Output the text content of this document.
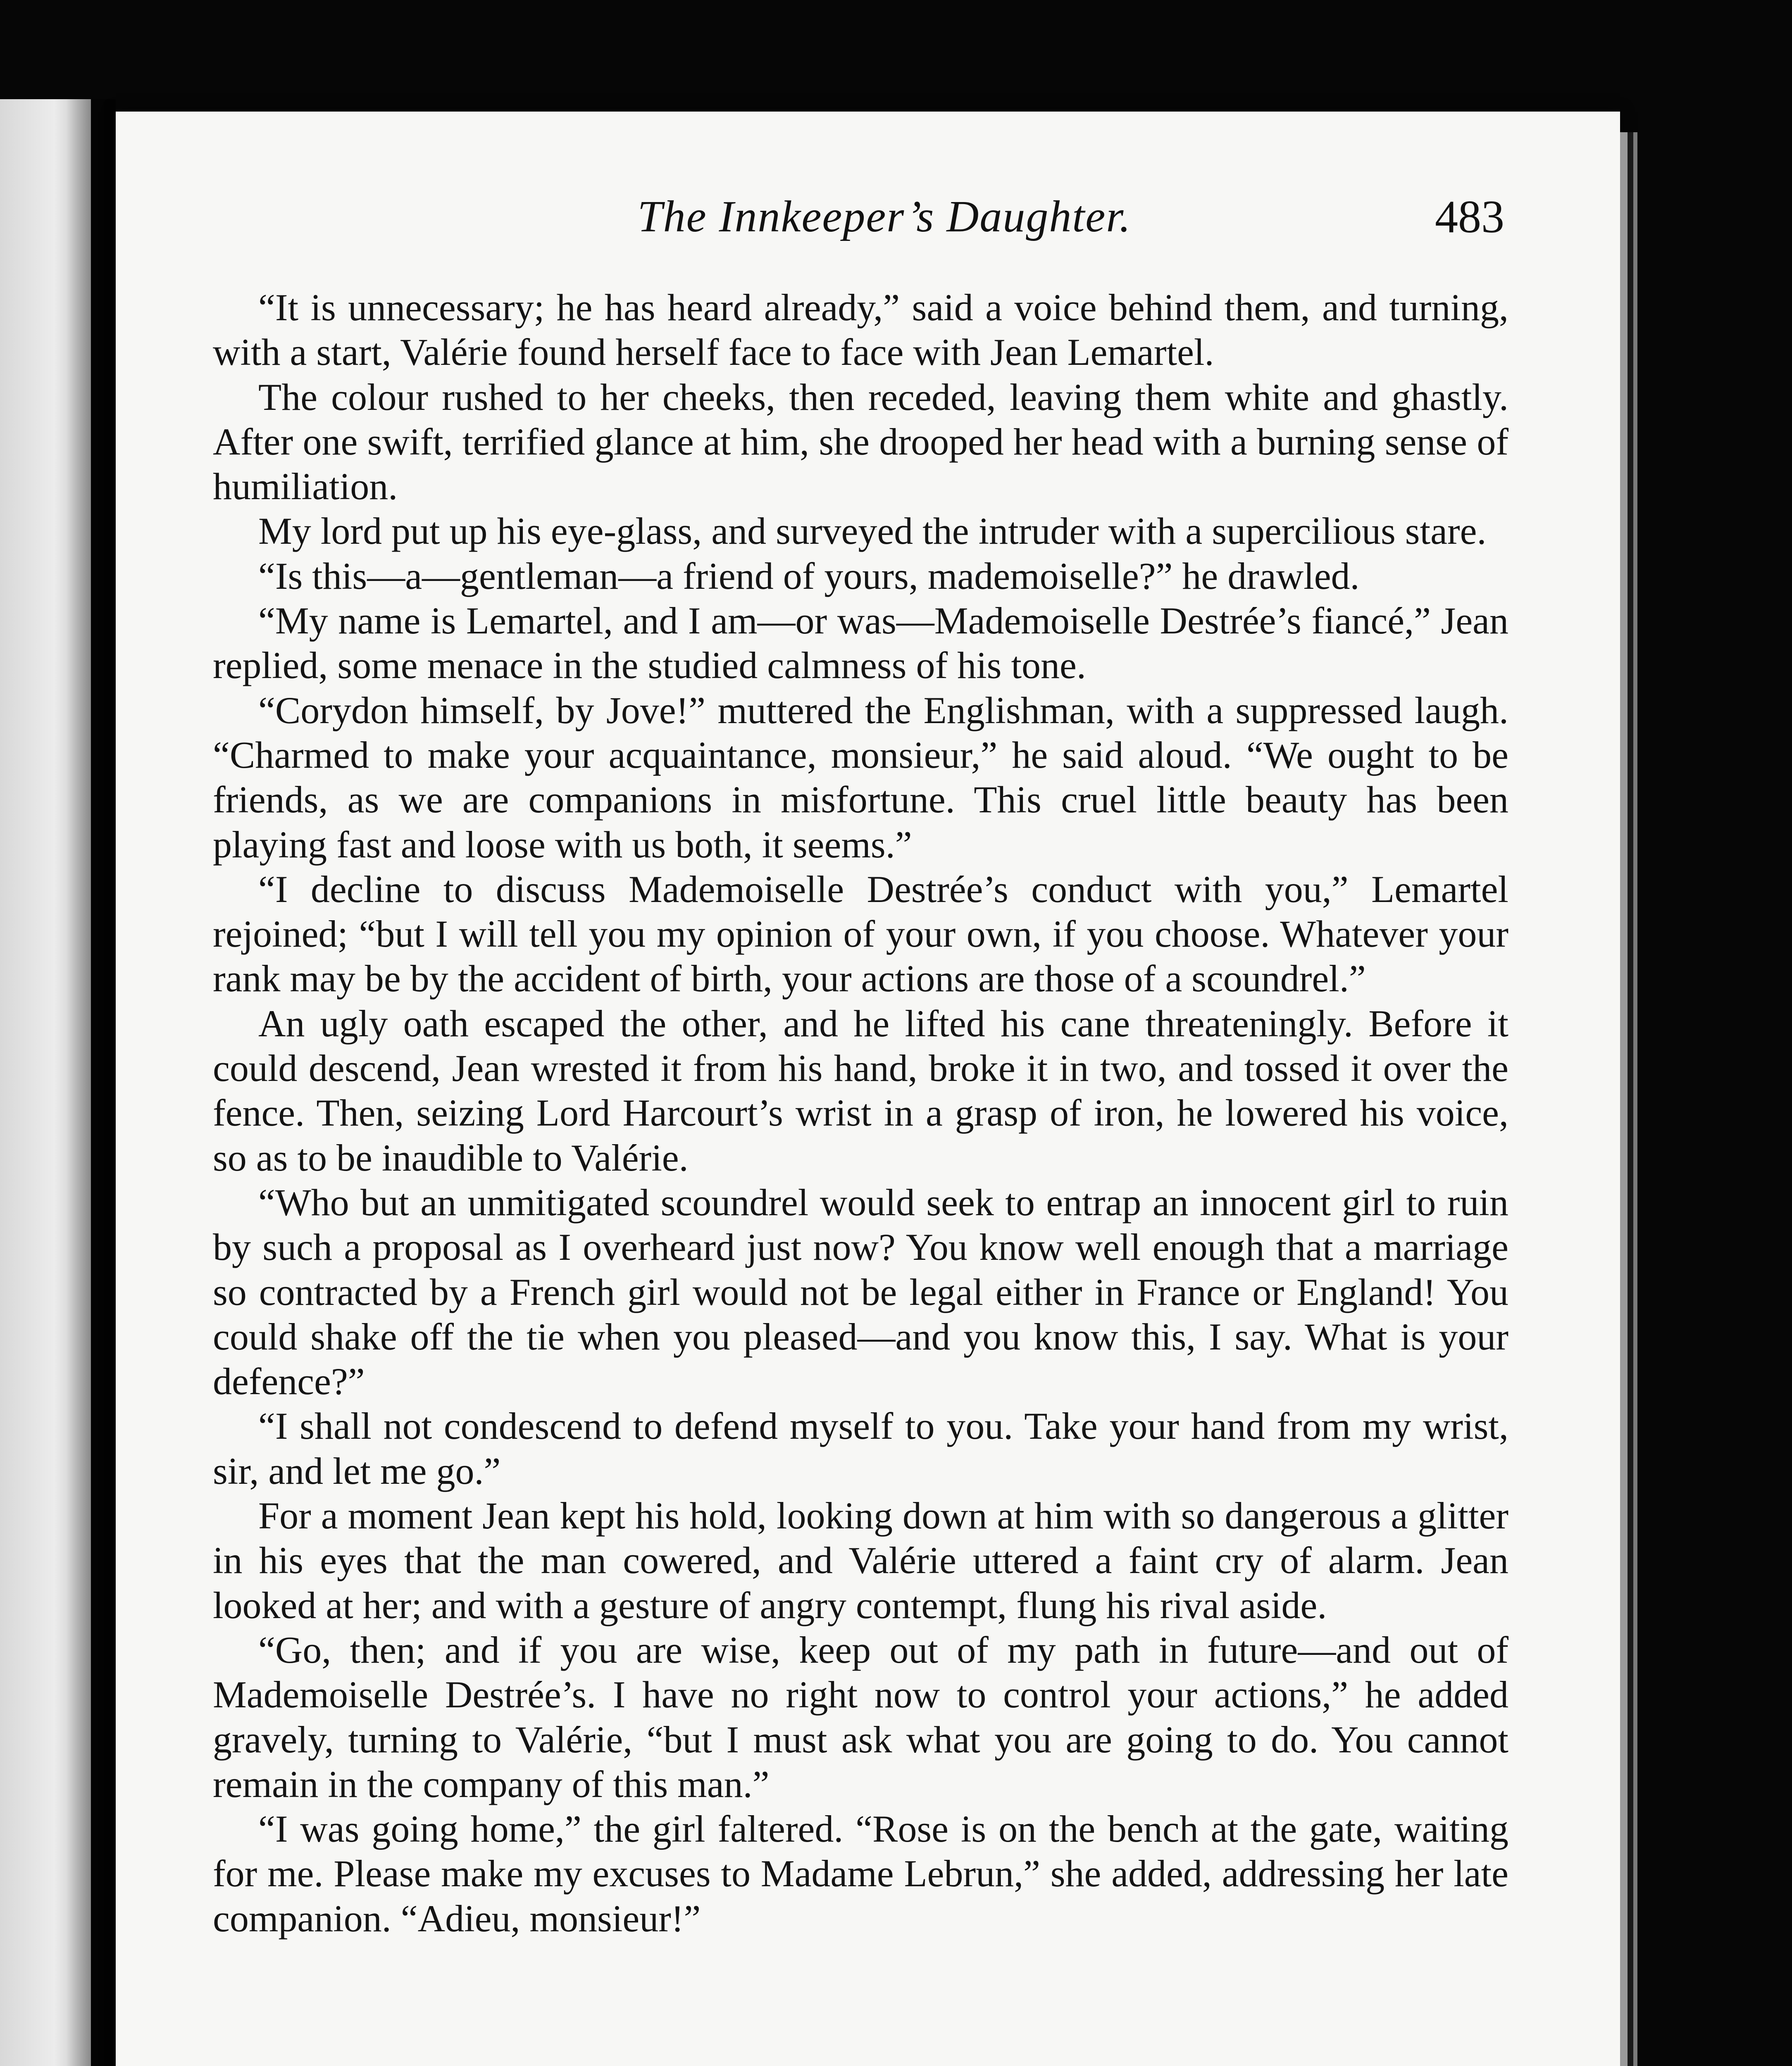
The Innkeeper’s Daughter.	483

“It is unnecessary; he has heard already,” said a voice behind them, and turning, with a start, Valérie found herself face to face with Jean Lemartel.

The colour rushed to her cheeks, then receded, leaving them white and ghastly. After one swift, terrified glance at him, she drooped her head with a burning sense of humiliation.

My lord put up his eye-glass, and surveyed the intruder with a supercilious stare.

“Is this—a—gentleman—a friend of yours, mademoiselle?” he drawled.

“My name is Lemartel, and I am—or was—Mademoiselle Destrée’s fiancé,” Jean replied, some menace in the studied calmness of his tone.

“Corydon himself, by Jove!” muttered the Englishman, with a suppressed laugh. “Charmed to make your acquaintance, monsieur,” he said aloud. “We ought to be friends, as we are companions in misfortune. This cruel little beauty has been playing fast and loose with us both, it seems.”

“I decline to discuss Mademoiselle Destrée’s conduct with you,” Lemartel rejoined; “but I will tell you my opinion of your own, if you choose. Whatever your rank may be by the accident of birth, your actions are those of a scoundrel.”

An ugly oath escaped the other, and he lifted his cane threateningly. Before it could descend, Jean wrested it from his hand, broke it in two, and tossed it over the fence. Then, seizing Lord Harcourt’s wrist in a grasp of iron, he lowered his voice, so as to be inaudible to Valérie.

“Who but an unmitigated scoundrel would seek to entrap an innocent girl to ruin by such a proposal as I overheard just now? You know well enough that a marriage so contracted by a French girl would not be legal either in France or England! You could shake off the tie when you pleased—and you know this, I say. What is your defence?”

“I shall not condescend to defend myself to you. Take your hand from my wrist, sir, and let me go.”

For a moment Jean kept his hold, looking down at him with so dangerous a glitter in his eyes that the man cowered, and Valérie uttered a faint cry of alarm. Jean looked at her; and with a gesture of angry contempt, flung his rival aside.

“Go, then; and if you are wise, keep out of my path in future—and out of Mademoiselle Destrée’s. I have no right now to control your actions,” he added gravely, turning to Valérie, “but I must ask what you are going to do. You cannot remain in the company of this man.”

“I was going home,” the girl faltered. “Rose is on the bench at the gate, waiting for me. Please make my excuses to Madame Lebrun,” she added, addressing her late companion. “Adieu, monsieur!”
